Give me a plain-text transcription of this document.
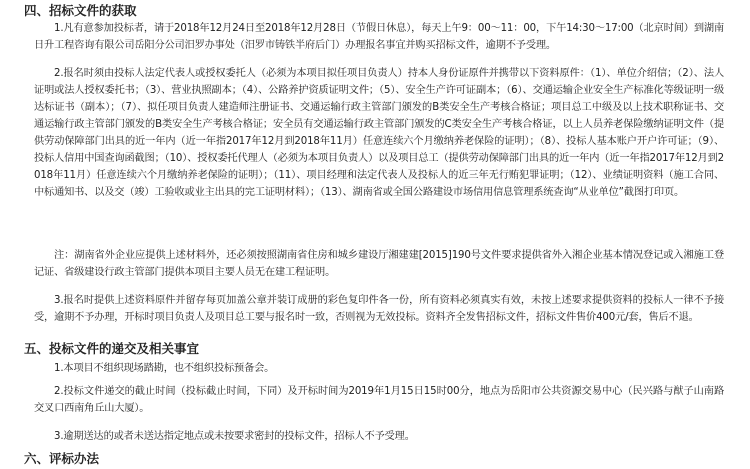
四、招标文件的获取
1.凡有意参加投标者，请于2018年12月24日至2018年12月28日（节假日休息），每天上午9：00～11：00，下午14:30～17:00（北京时间）到湖南日升工程咨询有限公司岳阳分公司汨罗办事处（汨罗市铸铁半府后门）办理报名事宜并购买招标文件，逾期不予受理。
2.报名时须由投标人法定代表人或授权委托人（必须为本项目拟任项目负责人）持本人身份证原件并携带以下资料原件：（1）、单位介绍信；（2）、法人证明或法人授权委托书；（3）、营业执照副本；（4）、公路养护资质证明文件；（5）、安全生产许可证副本；（6）、交通运输企业安全生产标准化等级证明一级达标证书（副本）；（7）、拟任项目负责人建造师注册证书、交通运输行政主管部门颁发的B类安全生产考核合格证；项目总工中级及以上技术职称证书、交通运输行政主管部门颁发的B类安全生产考核合格证；安全员有交通运输行政主管部门颁发的C类安全生产考核合格证，以上人员养老保险缴纳证明文件（提供劳动保障部门出具的近一年内（近一年指2017年12月到2018年11月）任意连续六个月缴纳养老保险的证明）；（8）、投标人基本账户开户许可证；（9）、投标人信用中国查询函截图；（10）、授权委托代理人（必须为本项目负责人）以及项目总工（提供劳动保障部门出具的近一年内（近一年指2017年12月到2018年11月）任意连续六个月缴纳养老保险的证明）；（11）、项目经理和法定代表人及投标人的近三年无行贿犯罪证明；（12）、业绩证明资料（施工合同、中标通知书、以及交（竣）工验收或业主出具的完工证明材料）；（13）、湖南省或全国公路建设市场信用信息管理系统查询“从业单位”截图打印页。
注：湖南省外企业应提供上述材料外，还必须按照湖南省住房和城乡建设厅湘建建[2015]190号文件要求提供省外入湘企业基本情况登记或入湘施工登记证、省级建设行政主管部门提供本项目主要人员无在建工程证明。
3.报名时提供上述资料原件并留存每页加盖公章并装订成册的彩色复印件各一份，所有资料必须真实有效，未按上述要求提供资料的投标人一律不予接受，逾期不予办理，开标时项目负责人及项目总工要与报名时一致，否则视为无效投标。资料齐全发售招标文件，招标文件售价400元/套，售后不退。
五、投标文件的递交及相关事宜
1.本项目不组织现场踏勘，也不组织投标预备会。
2.投标文件递交的截止时间（投标截止时间，下同）及开标时间为2019年1月15日15时00分，地点为岳阳市公共资源交易中心（民兴路与猷子山南路交叉口西南角丘山大厦）。
3.逾期送达的或者未送达指定地点或未按要求密封的投标文件，招标人不予受理。
六、评标办法
